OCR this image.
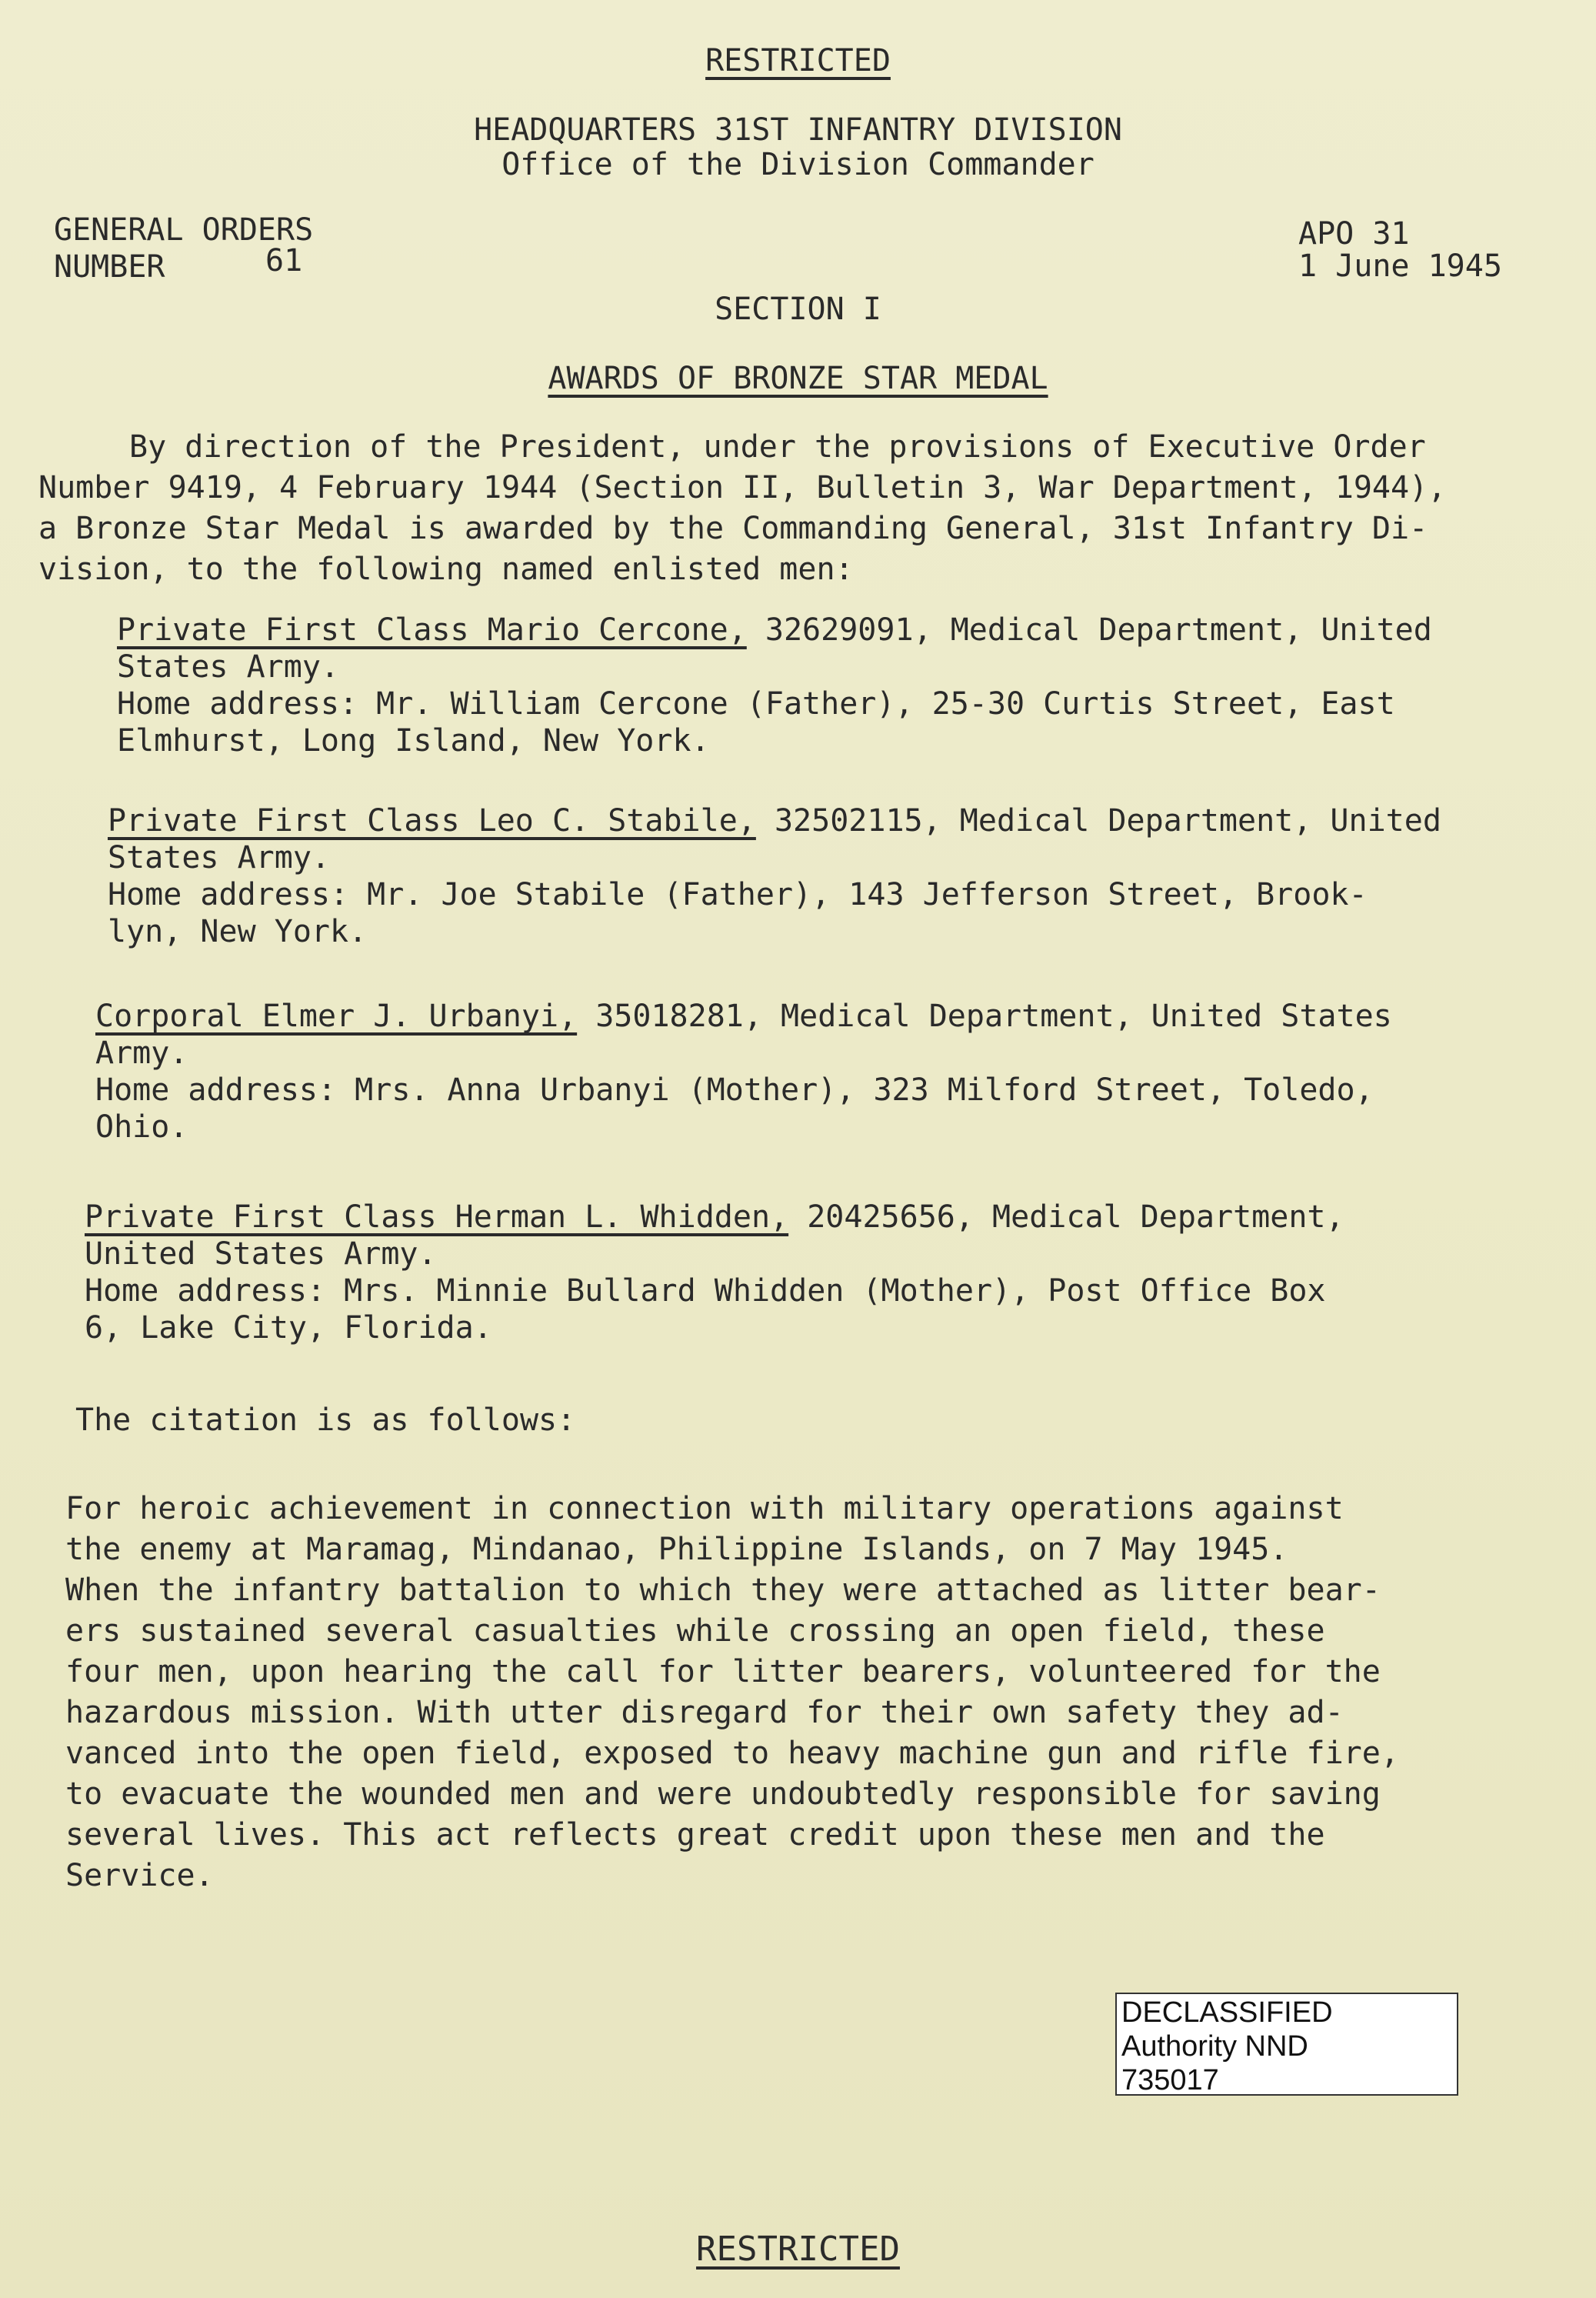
RESTRICTED
HEADQUARTERS 31ST INFANTRY DIVISION
Office of the Division Commander
GENERAL ORDERS
NUMBER	61
APO 31
1 June 1945
SECTION I
AWARDS OF BRONZE STAR MEDAL
By direction of the President, under the provisions of Executive Order
Number 9419, 4 February 1944 (Section II, Bulletin 3, War Department, 1944),
a Bronze Star Medal is awarded by the Commanding General, 31st Infantry Di-
vision, to the following named enlisted men:
Private First Class Mario Cercone, 32629091, Medical Department, United
States Army.
Home address: Mr. William Cercone (Father), 25-30 Curtis Street, East
Elmhurst, Long Island, New York.
Private First Class Leo C. Stabile, 32502115, Medical Department, United
States Army.
Home address: Mr. Joe Stabile (Father), 143 Jefferson Street, Brook-
lyn, New York.
Corporal Elmer J. Urbanyi, 35018281, Medical Department, United States
Army.
Home address: Mrs. Anna Urbanyi (Mother), 323 Milford Street, Toledo,
Ohio.
Private First Class Herman L. Whidden, 20425656, Medical Department,
United States Army.
Home address: Mrs. Minnie Bullard Whidden (Mother), Post Office Box
6, Lake City, Florida.
The citation is as follows:
For heroic achievement in connection with military operations against
the enemy at Maramag, Mindanao, Philippine Islands, on 7 May 1945.
When the infantry battalion to which they were attached as litter bear-
ers sustained several casualties while crossing an open field, these
four men, upon hearing the call for litter bearers, volunteered for the
hazardous mission. With utter disregard for their own safety they ad-
vanced into the open field, exposed to heavy machine gun and rifle fire,
to evacuate the wounded men and were undoubtedly responsible for saving
several lives. This act reflects great credit upon these men and the
Service.
DECLASSIFIED
Authority NND
735017
RESTRICTED
